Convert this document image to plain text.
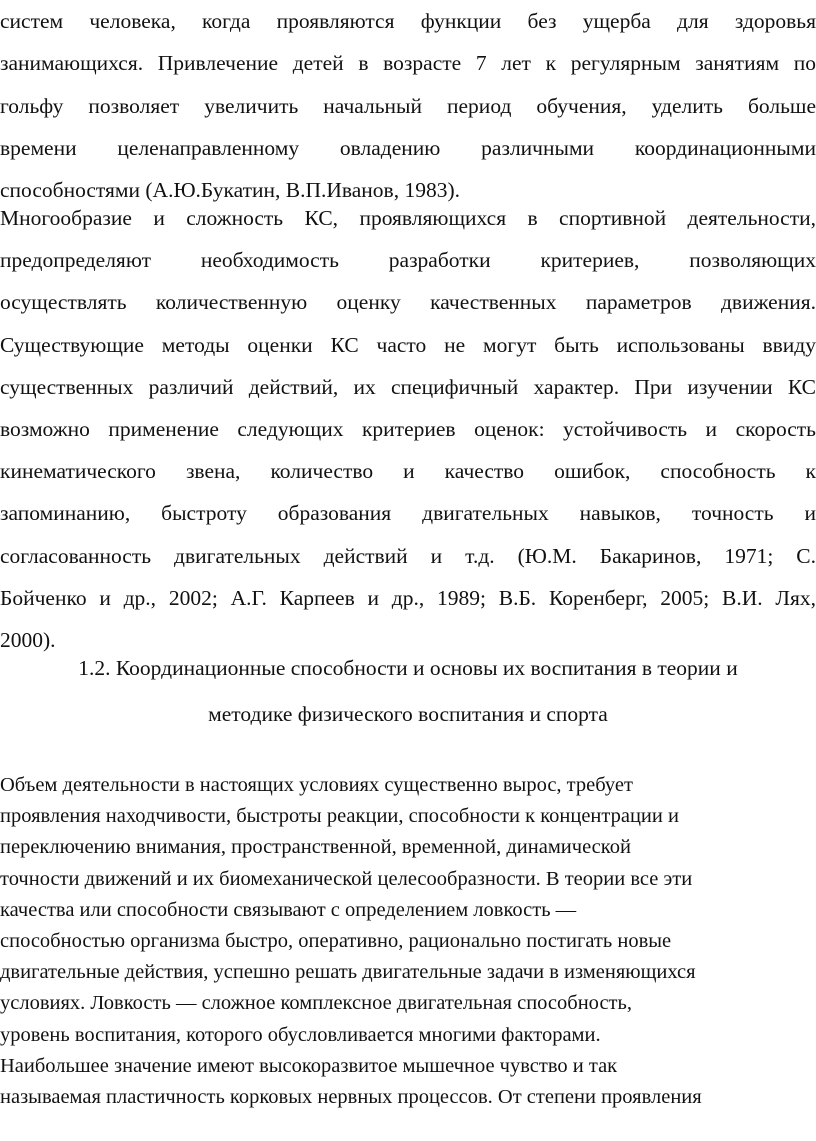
систем человека, когда проявляются функции без ущерба для здоровья
занимающихся. Привлечение детей в возрасте 7 лет к регулярным занятиям по
гольфу позволяет увеличить начальный период обучения, уделить больше
времени целенаправленному овладению различными координационными
способностями (А.Ю.Букатин, В.П.Иванов, 1983).
Многообразие и сложность КС, проявляющихся в спортивной деятельности,
предопределяют необходимость разработки критериев, позволяющих
осуществлять количественную оценку качественных параметров движения.
Существующие методы оценки КС часто не могут быть использованы ввиду
существенных различий действий, их специфичный характер. При изучении КС
возможно применение следующих критериев оценок: устойчивость и скорость
кинематического звена, количество и качество ошибок, способность к
запоминанию, быстроту образования двигательных навыков, точность и
согласованность двигательных действий и т.д. (Ю.М. Бакаринов, 1971; С.
Бойченко и др., 2002; А.Г. Карпеев и др., 1989; В.Б. Коренберг, 2005; В.И. Лях,
2000).
1.2. Координационные способности и основы их воспитания в теории и
методике физического воспитания и спорта
Объем деятельности в настоящих условиях существенно вырос, требует
проявления находчивости, быстроты реакции, способности к концентрации и
переключению внимания, пространственной, временной, динамической
точности движений и их биомеханической целесообразности. В теории все эти
качества или способности связывают с определением ловкость —
способностью организма быстро, оперативно, рационально постигать новые
двигательные действия, успешно решать двигательные задачи в изменяющихся
условиях. Ловкость — сложное комплексное двигательная способность,
уровень воспитания, которого обусловливается многими факторами.
Наибольшее значение имеют высокоразвитое мышечное чувство и так
называемая пластичность корковых нервных процессов. От степени проявления
